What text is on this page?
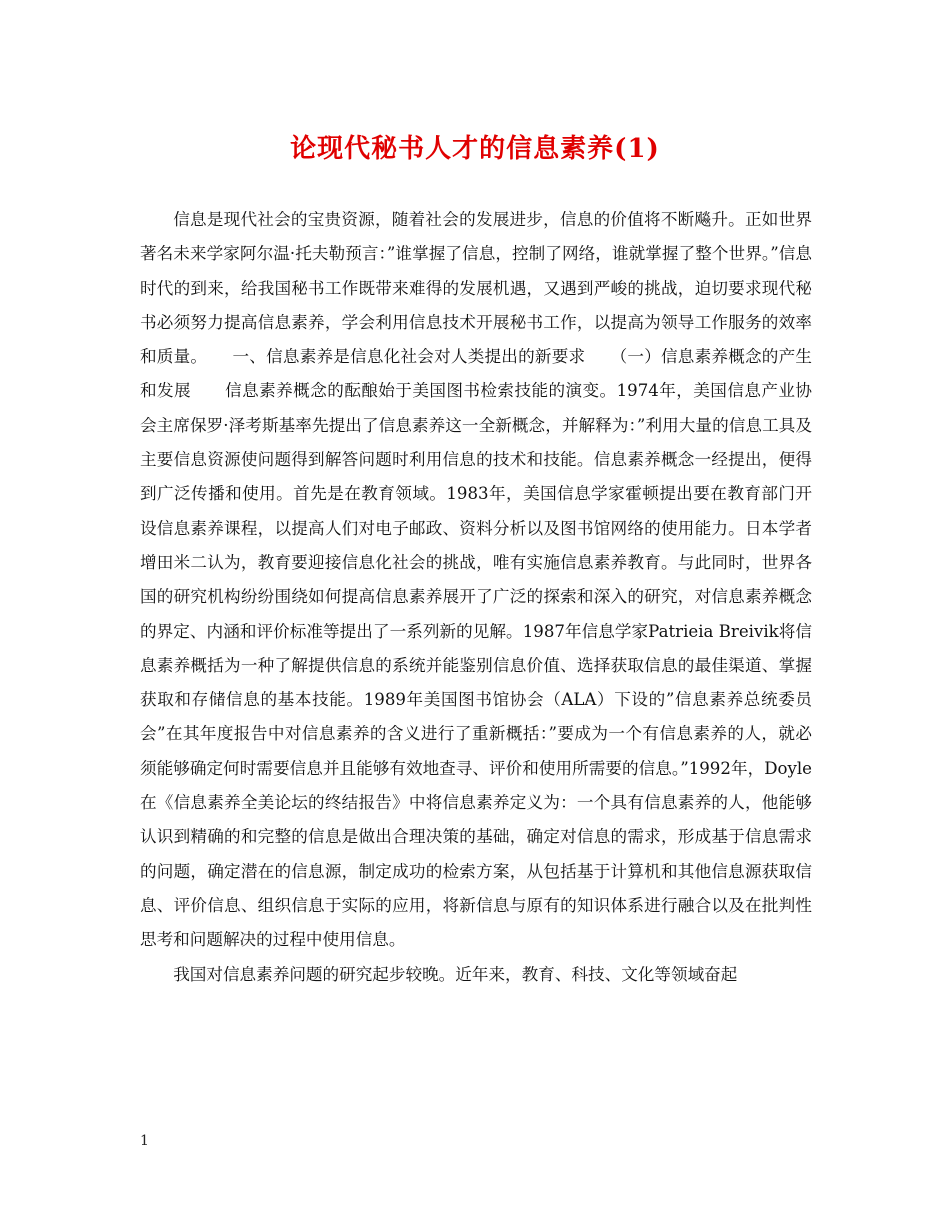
论现代秘书人才的信息素养(1)

信息是现代社会的宝贵资源，随着社会的发展进步，信息的价值将不断飚升。正如世界著名未来学家阿尔温·托夫勒预言：”谁掌握了信息，控制了网络，谁就掌握了整个世界。”信息时代的到来，给我国秘书工作既带来难得的发展机遇，又遇到严峻的挑战，迫切要求现代秘书必须努力提高信息素养，学会利用信息技术开展秘书工作，以提高为领导工作服务的效率和质量。　　一、信息素养是信息化社会对人类提出的新要求　　（一）信息素养概念的产生和发展　　信息素养概念的酝酿始于美国图书检索技能的演变。1974年，美国信息产业协会主席保罗·泽考斯基率先提出了信息素养这一全新概念，并解释为：”利用大量的信息工具及主要信息资源使问题得到解答问题时利用信息的技术和技能。信息素养概念一经提出，便得到广泛传播和使用。首先是在教育领域。1983年，美国信息学家霍顿提出要在教育部门开设信息素养课程，以提高人们对电子邮政、资料分析以及图书馆网络的使用能力。日本学者增田米二认为，教育要迎接信息化社会的挑战，唯有实施信息素养教育。与此同时，世界各国的研究机构纷纷围绕如何提高信息素养展开了广泛的探索和深入的研究，对信息素养概念的界定、内涵和评价标准等提出了一系列新的见解。1987年信息学家Patrieia Breivik将信息素养概括为一种了解提供信息的系统并能鉴别信息价值、选择获取信息的最佳渠道、掌握获取和存储信息的基本技能。1989年美国图书馆协会（ALA）下设的”信息素养总统委员会”在其年度报告中对信息素养的含义进行了重新概括：”要成为一个有信息素养的人，就必须能够确定何时需要信息并且能够有效地查寻、评价和使用所需要的信息。”1992年，Doyle在《信息素养全美论坛的终结报告》中将信息素养定义为：一个具有信息素养的人，他能够认识到精确的和完整的信息是做出合理决策的基础，确定对信息的需求，形成基于信息需求的问题，确定潜在的信息源，制定成功的检索方案，从包括基于计算机和其他信息源获取信息、评价信息、组织信息于实际的应用，将新信息与原有的知识体系进行融合以及在批判性思考和问题解决的过程中使用信息。

我国对信息素养问题的研究起步较晚。近年来，教育、科技、文化等领域奋起

1
